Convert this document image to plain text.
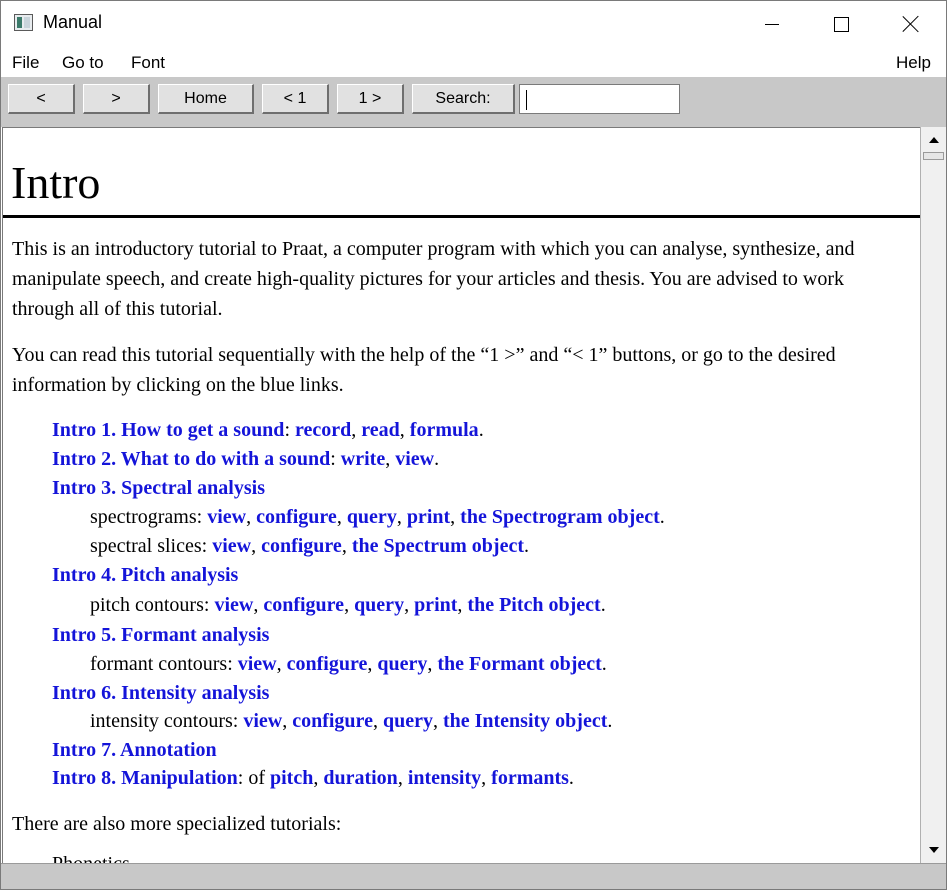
Manual
File Go to Font	Help
<	>	Home	< 1	1 >	Search:
Intro

This is an introductory tutorial to Praat, a computer program with which you can analyse, synthesize, and manipulate speech, and create high-quality pictures for your articles and thesis. You are advised to work through all of this tutorial.

You can read this tutorial sequentially with the help of the “1 >” and “< 1” buttons, or go to the desired information by clicking on the blue links.

Intro 1. How to get a sound: record, read, formula.
Intro 2. What to do with a sound: write, view.
Intro 3. Spectral analysis
spectrograms: view, configure, query, print, the Spectrogram object.
spectral slices: view, configure, the Spectrum object.
Intro 4. Pitch analysis
pitch contours: view, configure, query, print, the Pitch object.
Intro 5. Formant analysis
formant contours: view, configure, query, the Formant object.
Intro 6. Intensity analysis
intensity contours: view, configure, query, the Intensity object.
Intro 7. Annotation
Intro 8. Manipulation: of pitch, duration, intensity, formants.

There are also more specialized tutorials:
